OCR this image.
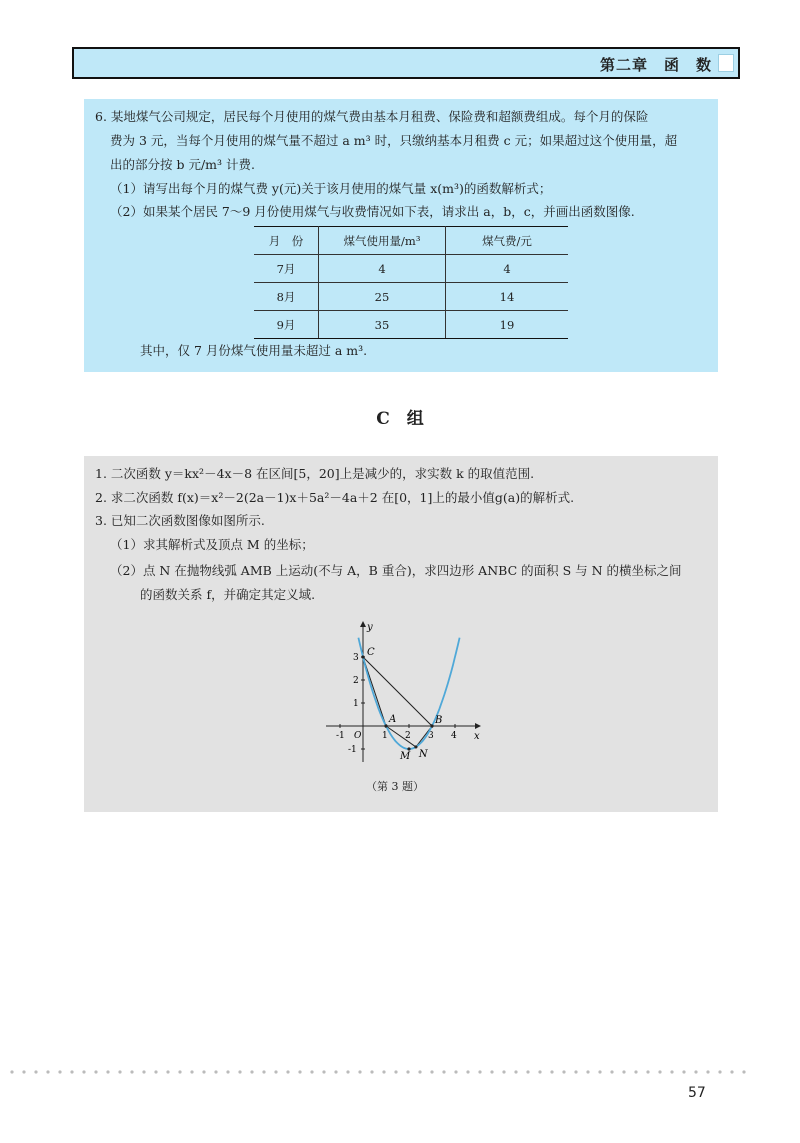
第二章　函　数
6. 某地煤气公司规定，居民每个月使用的煤气费由基本月租费、保险费和超额费组成。每个月的保险
费为 3 元，当每个月使用的煤气量不超过 a m³ 时，只缴纳基本月租费 c 元；如果超过这个使用量，超
出的部分按 b 元/m³ 计费.
（1）请写出每个月的煤气费 y(元)关于该月使用的煤气量 x(m³)的函数解析式；
（2）如果某个居民 7～9 月份使用煤气与收费情况如下表，请求出 a，b，c，并画出函数图像.
月　份	煤气使用量/m³	煤气费/元
7月	4	4
8月	25	14
9月	35	19
其中，仅 7 月份煤气使用量未超过 a m³.
C　组
1. 二次函数 y＝kx²－4x－8 在区间[5，20]上是减少的，求实数 k 的取值范围.
2. 求二次函数 f(x)＝x²－2(2a－1)x＋5a²－4a＋2 在[0，1]上的最小值g(a)的解析式.
3. 已知二次函数图像如图所示.
（1）求其解析式及顶点 M 的坐标；
（2）点 N 在抛物线弧 AMB 上运动(不与 A，B 重合)，求四边形 ANBC 的面积 S 与 N 的横坐标之间
的函数关系 f，并确定其定义域.
x
y
O
-1	1 2 3 4
3
2
1
-1
C
A	B
M N
（第 3 题）
57
